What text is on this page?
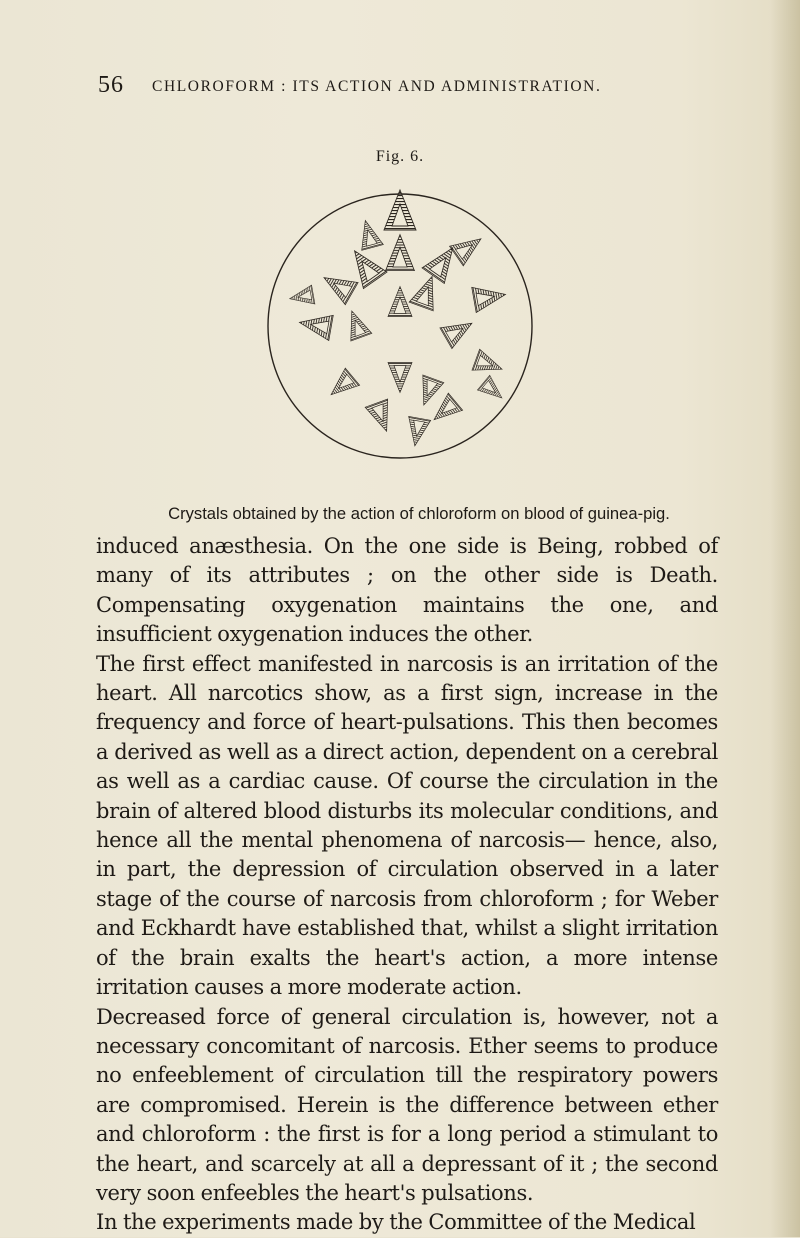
56 CHLOROFORM : ITS ACTION AND ADMINISTRATION.
Fig. 6.
Crystals obtained by the action of chloroform on blood of guinea-pig.

induced anæsthesia. On the one side is Being, robbed of many of its attributes ; on the other side is Death. Compensating oxygenation maintains the one, and insufficient oxygenation induces the other.

The first effect manifested in narcosis is an irritation of the heart. All narcotics show, as a first sign, increase in the frequency and force of heart-pulsations. This then becomes a derived as well as a direct action, dependent on a cerebral as well as a cardiac cause. Of course the circulation in the brain of altered blood disturbs its molecular conditions, and hence all the mental phenomena of narcosis— hence, also, in part, the depression of circulation observed in a later stage of the course of narcosis from chloroform ; for Weber and Eckhardt have established that, whilst a slight irritation of the brain exalts the heart's action, a more intense irritation causes a more moderate action.

Decreased force of general circulation is, however, not a necessary concomitant of narcosis. Ether seems to produce no enfeeblement of circulation till the respiratory powers are compromised. Herein is the difference between ether and chloroform : the first is for a long period a stimulant to the heart, and scarcely at all a depressant of it ; the second very soon enfeebles the heart's pulsations.

In the experiments made by the Committee of the Medical
